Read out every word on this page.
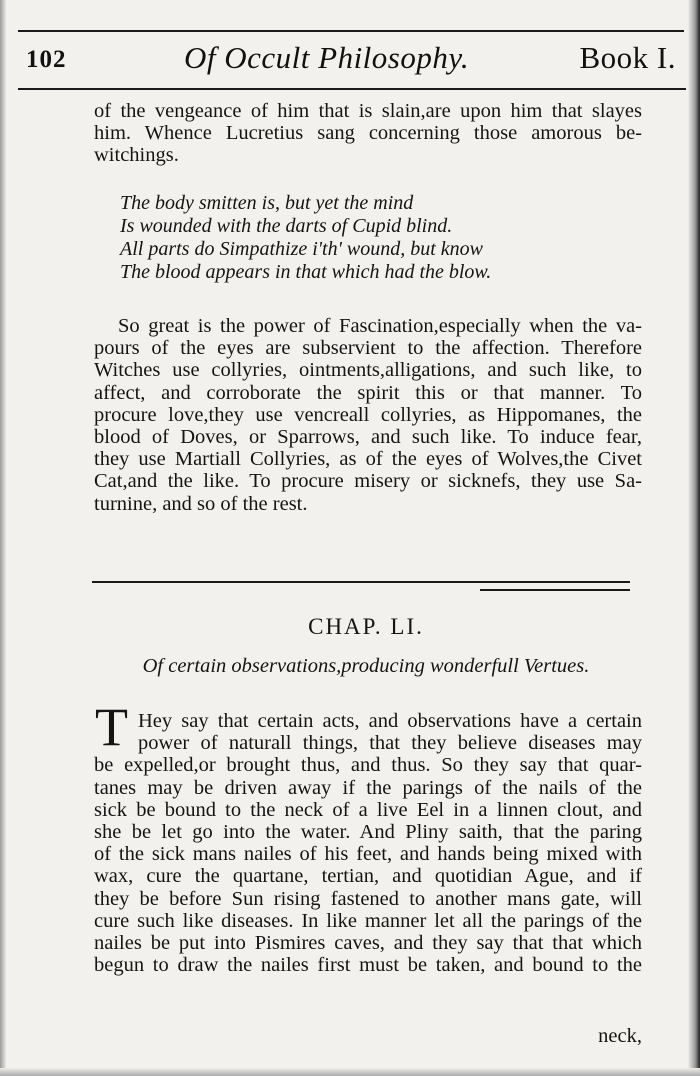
102	Of Occult Philosophy.	Book I.
of the vengeance of him that is slain,are upon him that slayes
him. Whence Lucretius sang concerning those amorous be-
witchings.
The body smitten is, but yet the mind
Is wounded with the darts of Cupid blind.
All parts do Simpathize i'th' wound, but know
The blood appears in that which had the blow.
So great is the power of Fascination,especially when the va-
pours of the eyes are subservient to the affection. Therefore
Witches use collyries, ointments,alligations, and such like, to
affect, and corroborate the spirit this or that manner. To
procure love,they use vencreall collyries, as Hippomanes, the
blood of Doves, or Sparrows, and such like. To induce fear,
they use Martiall Collyries, as of the eyes of Wolves,the Civet
Cat,and the like. To procure misery or sicknefs, they use Sa-
turnine, and so of the rest.
CHAP. LI.
Of certain observations,producing wonderfull Vertues.
T Hey say that certain acts, and observations have a certain
power of naturall things, that they believe diseases may
be expelled,or brought thus, and thus. So they say that quar-
tanes may be driven away if the parings of the nails of the
sick be bound to the neck of a live Eel in a linnen clout, and
she be let go into the water. And Pliny saith, that the paring
of the sick mans nailes of his feet, and hands being mixed with
wax, cure the quartane, tertian, and quotidian Ague, and if
they be before Sun rising fastened to another mans gate, will
cure such like diseases. In like manner let all the parings of the
nailes be put into Pismires caves, and they say that that which
begun to draw the nailes first must be taken, and bound to the
neck,
